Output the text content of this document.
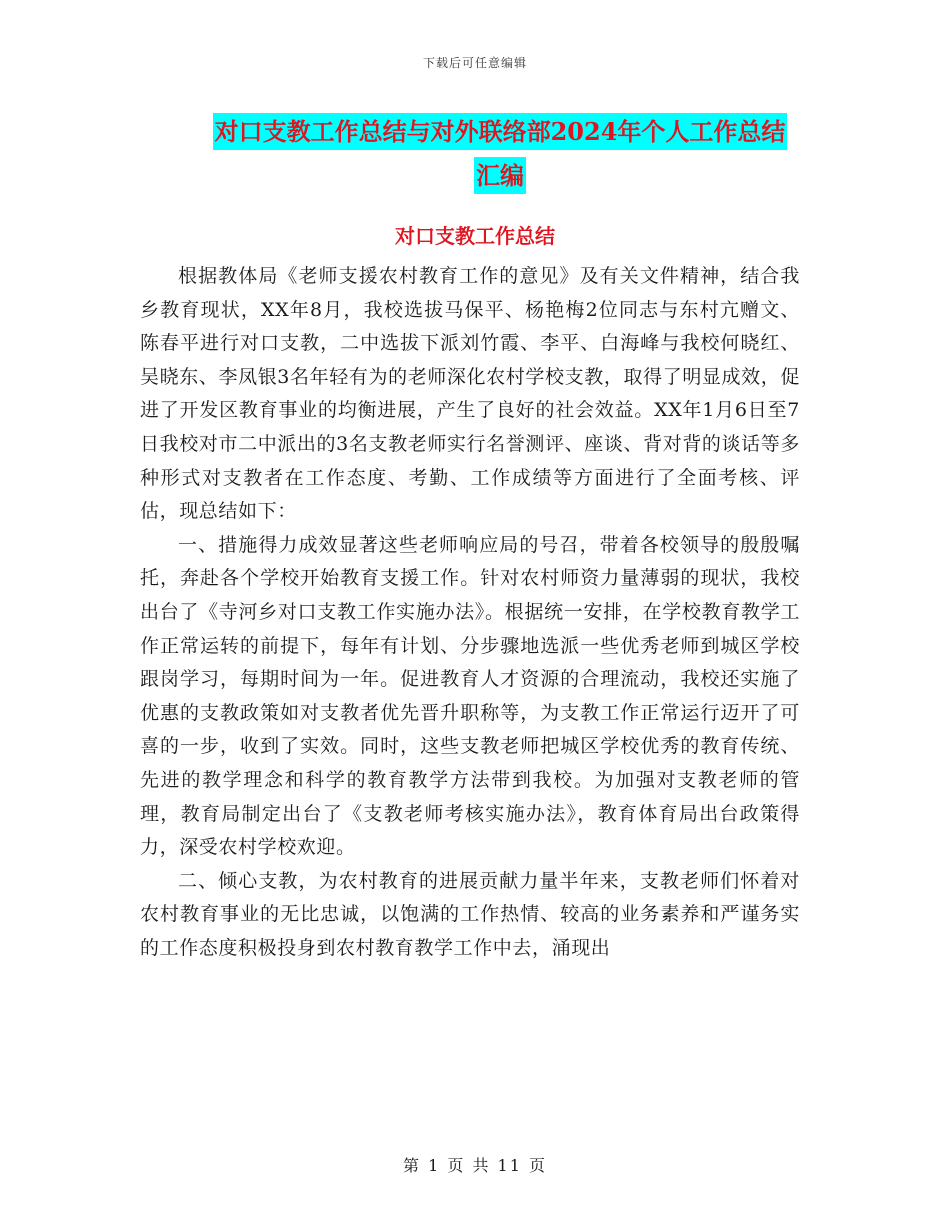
下载后可任意编辑
对口支教工作总结与对外联络部2024年个人工作总结
汇编
对口支教工作总结

根据教体局《老师支援农村教育工作的意见》及有关文件精神，结合我乡教育现状，XX年8月，我校选拔马保平、杨艳梅2位同志与东村亢赠文、陈春平进行对口支教，二中选拔下派刘竹霞、李平、白海峰与我校何晓红、吴晓东、李凤银3名年轻有为的老师深化农村学校支教，取得了明显成效，促进了开发区教育事业的均衡进展，产生了良好的社会效益。XX年1月6日至7日我校对市二中派出的3名支教老师实行名誉测评、座谈、背对背的谈话等多种形式对支教者在工作态度、考勤、工作成绩等方面进行了全面考核、评估，现总结如下：

一、措施得力成效显著这些老师响应局的号召，带着各校领导的殷殷嘱托，奔赴各个学校开始教育支援工作。针对农村师资力量薄弱的现状，我校出台了《寺河乡对口支教工作实施办法》。根据统一安排，在学校教育教学工作正常运转的前提下，每年有计划、分步骤地选派一些优秀老师到城区学校跟岗学习，每期时间为一年。促进教育人才资源的合理流动，我校还实施了优惠的支教政策如对支教者优先晋升职称等，为支教工作正常运行迈开了可喜的一步，收到了实效。同时，这些支教老师把城区学校优秀的教育传统、先进的教学理念和科学的教育教学方法带到我校。为加强对支教老师的管理，教育局制定出台了《支教老师考核实施办法》，教育体育局出台政策得力，深受农村学校欢迎。

二、倾心支教，为农村教育的进展贡献力量半年来，支教老师们怀着对农村教育事业的无比忠诚，以饱满的工作热情、较高的业务素养和严谨务实的工作态度积极投身到农村教育教学工作中去，涌现出

第 1 页 共 11 页
